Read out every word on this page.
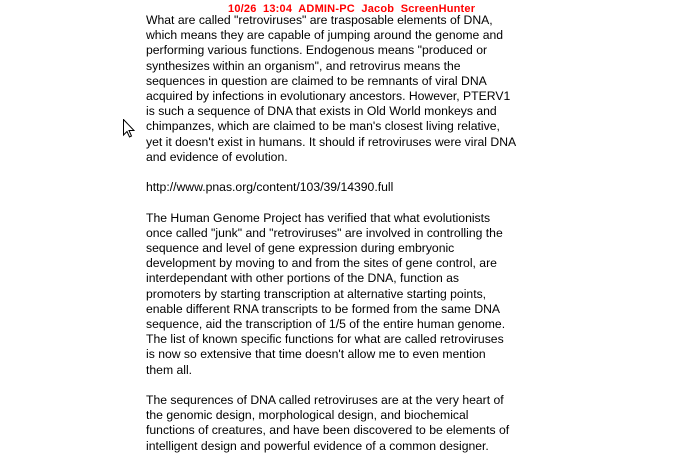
10/26  13:04  ADMIN-PC  Jacob  ScreenHunter
What are called "retroviruses" are trasposable elements of DNA,
which means they are capable of jumping around the genome and
performing various functions. Endogenous means "produced or
synthesizes within an organism", and retrovirus means the
sequences in question are claimed to be remnants of viral DNA
acquired by infections in evolutionary ancestors. However, PTERV1
is such a sequence of DNA that exists in Old World monkeys and
chimpanzes, which are claimed to be man's closest living relative,
yet it doesn't exist in humans. It should if retroviruses were viral DNA
and evidence of evolution.
http://www.pnas.org/content/103/39/14390.full
The Human Genome Project has verified that what evolutionists
once called "junk" and "retroviruses" are involved in controlling the
sequence and level of gene expression during embryonic
development by moving to and from the sites of gene control, are
interdependant with other portions of the DNA, function as
promoters by starting transcription at alternative starting points,
enable different RNA transcripts to be formed from the same DNA
sequence, aid the transcription of 1/5 of the entire human genome.
The list of known specific functions for what are called retroviruses
is now so extensive that time doesn't allow me to even mention
them all.
The sequrences of DNA called retroviruses are at the very heart of
the genomic design, morphological design, and biochemical
functions of creatures, and have been discovered to be elements of
intelligent design and powerful evidence of a common designer.
